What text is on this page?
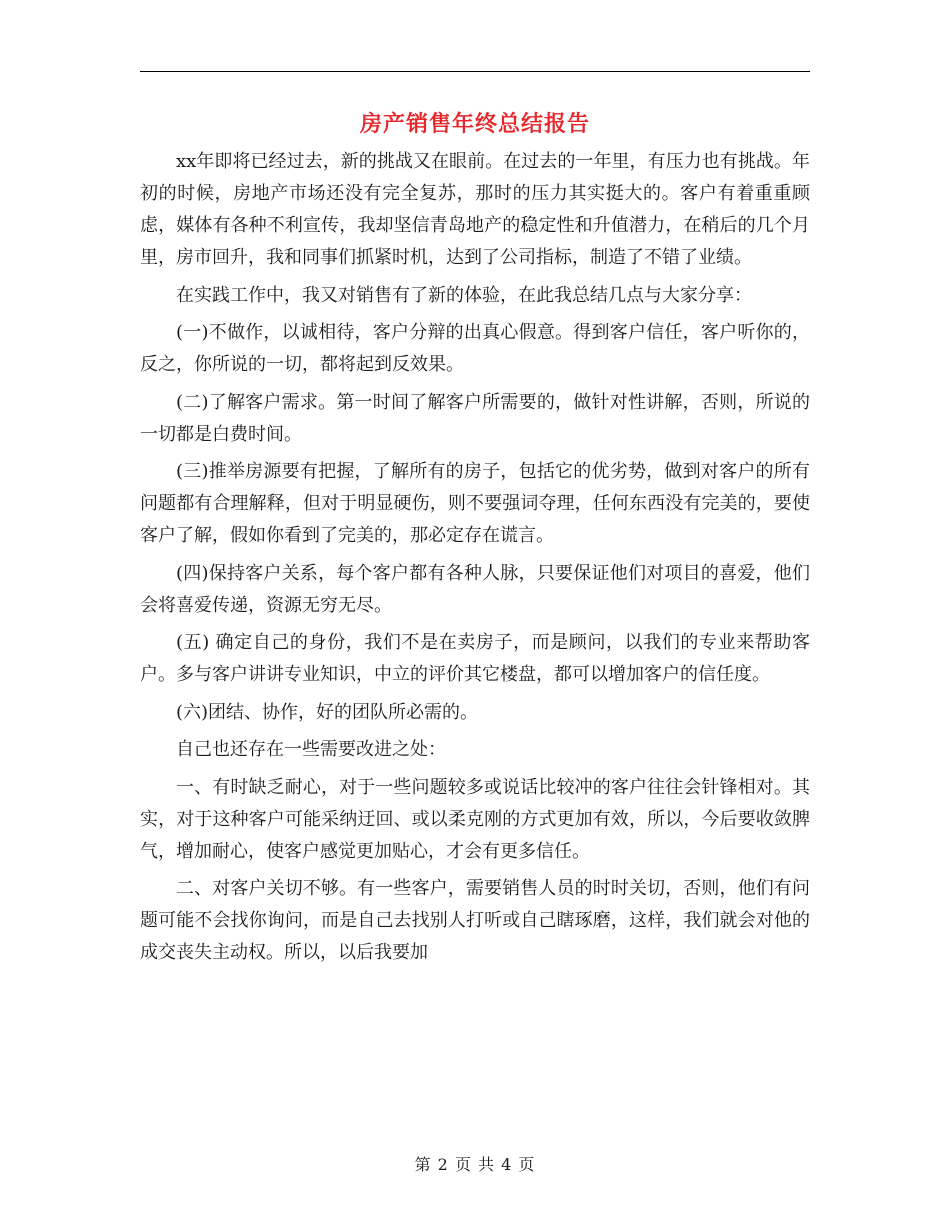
房产销售年终总结报告

xx年即将已经过去，新的挑战又在眼前。在过去的一年里，有压力也有挑战。年初的时候，房地产市场还没有完全复苏，那时的压力其实挺大的。客户有着重重顾虑，媒体有各种不利宣传，我却坚信青岛地产的稳定性和升值潜力，在稍后的几个月里，房市回升，我和同事们抓紧时机，达到了公司指标，制造了不错了业绩。

在实践工作中，我又对销售有了新的体验，在此我总结几点与大家分享：

(一)不做作，以诚相待，客户分辩的出真心假意。得到客户信任，客户听你的，反之，你所说的一切，都将起到反效果。

(二)了解客户需求。第一时间了解客户所需要的，做针对性讲解，否则，所说的一切都是白费时间。

(三)推举房源要有把握，了解所有的房子，包括它的优劣势，做到对客户的所有问题都有合理解释，但对于明显硬伤，则不要强词夺理，任何东西没有完美的，要使客户了解，假如你看到了完美的，那必定存在谎言。

(四)保持客户关系，每个客户都有各种人脉，只要保证他们对项目的喜爱，他们会将喜爱传递，资源无穷无尽。

(五) 确定自己的身份，我们不是在卖房子，而是顾问，以我们的专业来帮助客户。多与客户讲讲专业知识，中立的评价其它楼盘，都可以增加客户的信任度。

(六)团结、协作，好的团队所必需的。

自己也还存在一些需要改进之处：

一、有时缺乏耐心，对于一些问题较多或说话比较冲的客户往往会针锋相对。其实，对于这种客户可能采纳迂回、或以柔克刚的方式更加有效，所以，今后要收敛脾气，增加耐心，使客户感觉更加贴心，才会有更多信任。

二、对客户关切不够。有一些客户，需要销售人员的时时关切，否则，他们有问题可能不会找你询问，而是自己去找别人打听或自己瞎琢磨，这样，我们就会对他的成交丧失主动权。所以，以后我要加

第 2 页 共 4 页
